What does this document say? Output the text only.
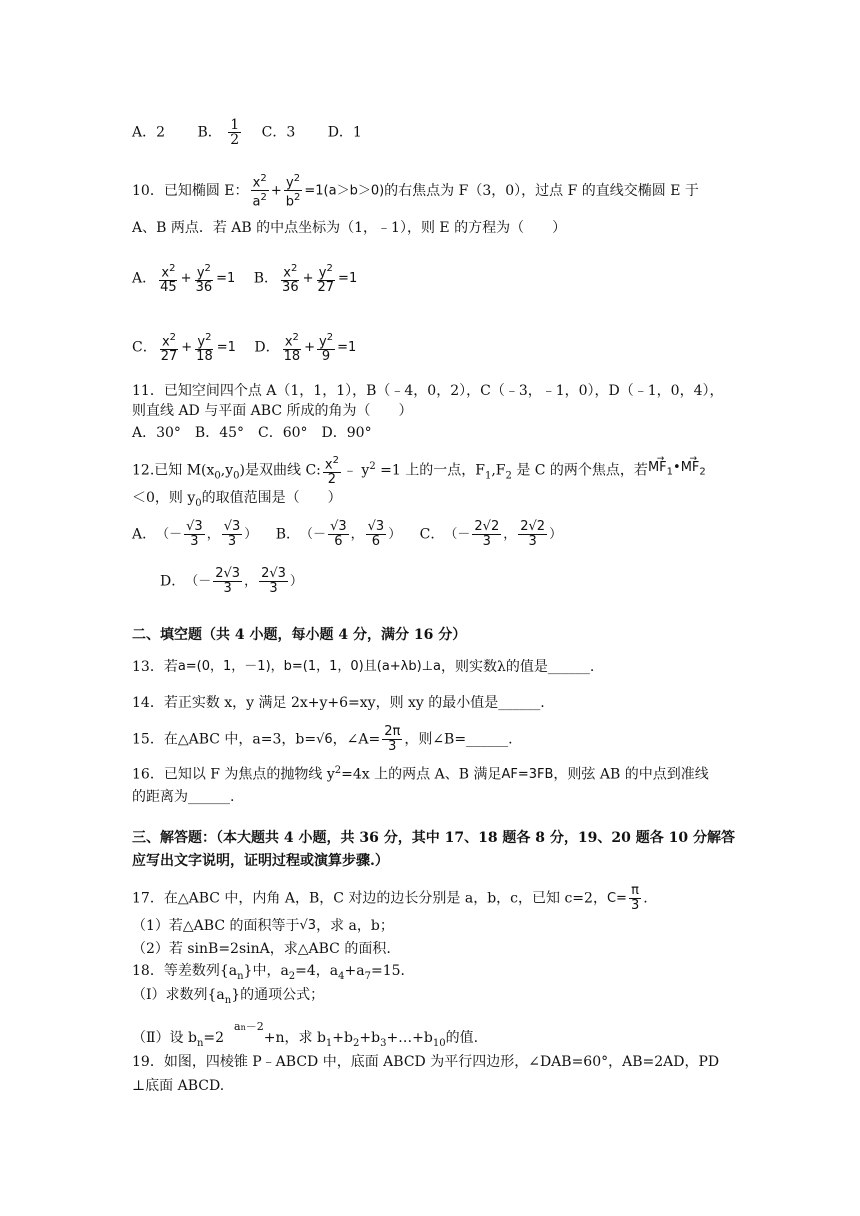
A．2 B． $\frac{1}{2}$ C．3 D．1
10．已知椭圆 E： $\frac{x^2}{a^2} + \frac{y^2}{b^2} =1(a>b>0)$的右焦点为 F（3，0），过点 F 的直线交椭圆 E 于
A、B 两点．若 AB 的中点坐标为（1，﹣1），则 E 的方程为（　　）
A． $\frac{x^2}{45} + \frac{y^2}{36} =1$ B． $\frac{x^2}{36} + \frac{y^2}{27} =1$
C． $\frac{x^2}{27} + \frac{y^2}{18} =1$ D． $\frac{x^2}{18} + \frac{y^2}{9} =1$
11．已知空间四个点 A（1，1，1），B（﹣4，0，2），C（﹣3，﹣1，0），D（﹣1，0，4），
则直线 AD 与平面 ABC 所成的角为（　　）
A．30°　B．45°　C．60°　D．90°
12.已知 $M(x_0,y_0)$是双曲线 C: $\frac{x^2}{2}$ ﹣ $y^2 =1$ 上的一点，$F_1,F_2$ 是 C 的两个焦点，若→ $MF_1•\to MF_2$
＜0，则 $y_0$的取值范围是（　　）
A．（－ $\frac{√3}{3}$ ， $\frac{√3}{3}$ ） B．（－ $\frac{√3}{6}$ ， $\frac{√3}{6}$ ） C．（－ $\frac{2√2}{3}$ ， $\frac{2√2}{3}$ ）
D．（－ $\frac{2√3}{3}$ ， $\frac{2√3}{3}$ ）
二、填空题（共 4 小题，每小题 4 分，满分 16 分）
13．若a=(0，1，－1)，b=(1，1，0)且(a+λb)⊥a，则实数λ的值是______.
14．若正实数 x，y 满足 2x+y+6=xy，则 xy 的最小值是______.
15．在△ABC 中，a=3，b=√6，∠A= $\frac{2\pi}{3}$ ，则∠B=______.
16．已知以 F 为焦点的抛物线 $y^2=4x$ 上的两点 A、B 满足AF=3FB，则弦 AB 的中点到准线
的距离为______.
三、解答题：（本大题共 4 小题，共 36 分，其中 17、18 题各 8 分，19、20 题各 10 分解答
应写出文字说明，证明过程或演算步骤.）
17．在△ABC 中，内角 A，B，C 对边的边长分别是 a，b，c，已知 c=2，$C= \frac{\pi}{3}$ .
（1）若△ABC 的面积等于√3，求 a，b；
（2）若 sinB=2sinA，求△ABC 的面积.
18．等差数列$\{a_n\}$中，$a_2=4$，$a_4+a_7=15$．
（Ⅰ）求数列$\{a_n\}$的通项公式；
（Ⅱ）设 $b_n=2^{an-2}+n$，求 $b_1+b_2+b_3+\dots+b_{10}$的值.
19．如图，四棱锥 P﹣ABCD 中，底面 ABCD 为平行四边形，∠DAB=60°，AB=2AD，PD
⊥底面 ABCD.
